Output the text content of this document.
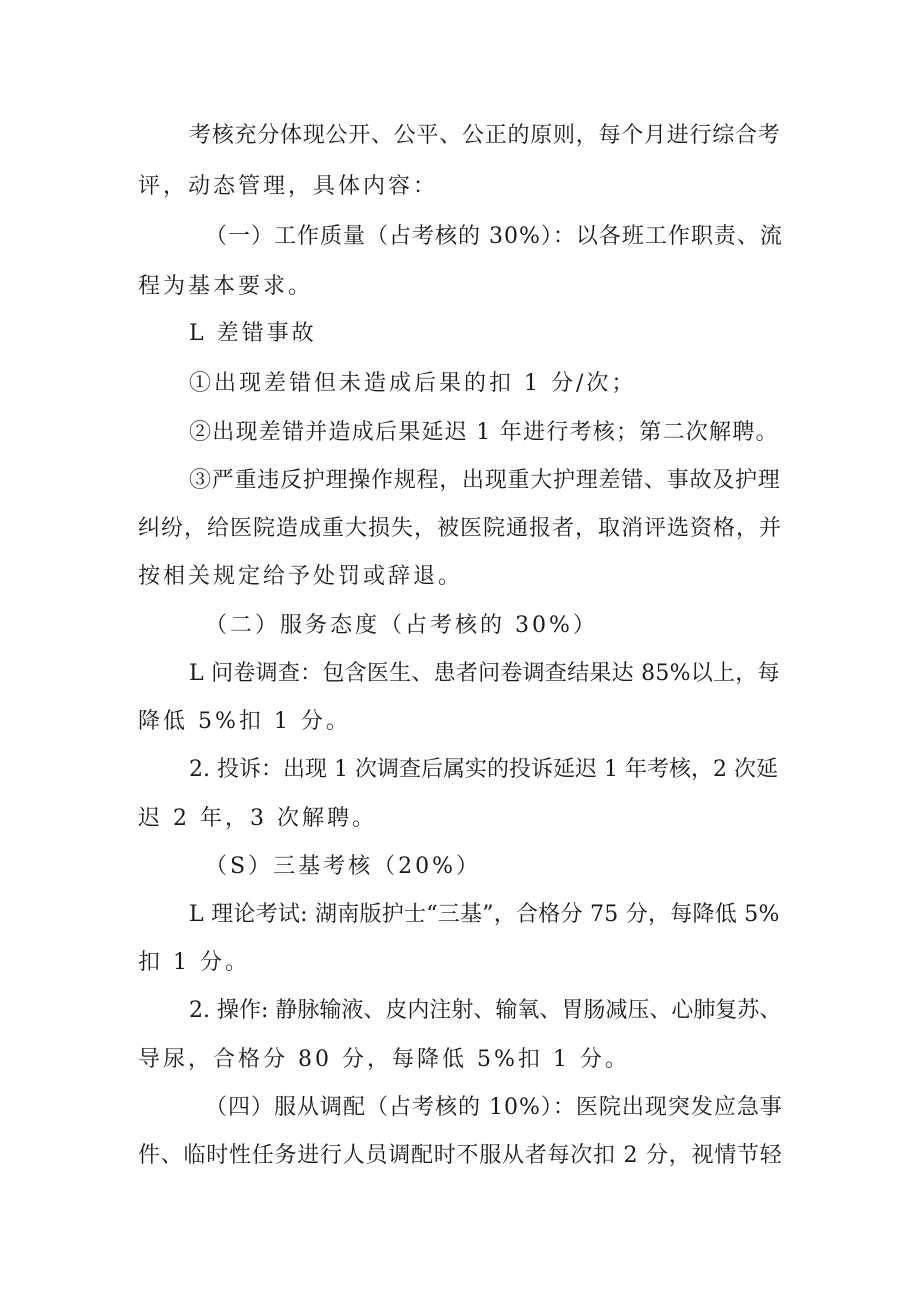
考核充分体现公开、公平、公正的原则，每个月进行综合考
评，动态管理，具体内容：
（一）工作质量（占考核的 30%）：以各班工作职责、流
程为基本要求。
L 差错事故
①出现差错但未造成后果的扣 1 分/次；
②出现差错并造成后果延迟 1 年进行考核；第二次解聘。
③严重违反护理操作规程，出现重大护理差错、事故及护理
纠纷，给医院造成重大损失，被医院通报者，取消评选资格，并
按相关规定给予处罚或辞退。
（二）服务态度（占考核的 30%）
L 问卷调查：包含医生、患者问卷调查结果达 85%以上，每
降低 5%扣 1 分。
2. 投诉：出现 1 次调查后属实的投诉延迟 1 年考核，2 次延
迟 2 年，3 次解聘。
（S）三基考核（20%）
L 理论考试: 湖南版护士“三基”，合格分 75 分，每降低 5%
扣 1 分。
2. 操作: 静脉输液、皮内注射、输氧、胃肠减压、心肺复苏、
导尿，合格分 80 分，每降低 5%扣 1 分。
（四）服从调配（占考核的 10%）：医院出现突发应急事
件、临时性任务进行人员调配时不服从者每次扣 2 分，视情节轻
